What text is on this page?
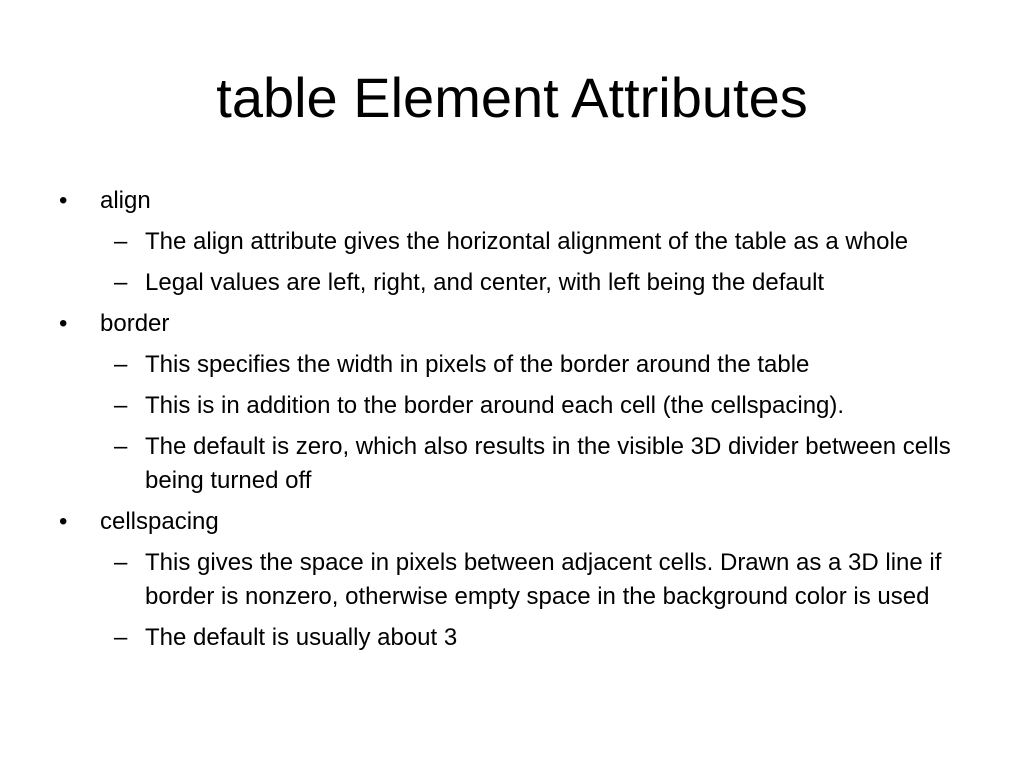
table Element Attributes
• align
– The align attribute gives the horizontal alignment of the table as a whole
– Legal values are left, right, and center, with left being the default
• border
– This specifies the width in pixels of the border around the table
– This is in addition to the border around each cell (the cellspacing).
– The default is zero, which also results in the visible 3D divider between cells being turned off
• cellspacing
– This gives the space in pixels between adjacent cells. Drawn as a 3D line if border is nonzero, otherwise empty space in the background color is used
– The default is usually about 3
